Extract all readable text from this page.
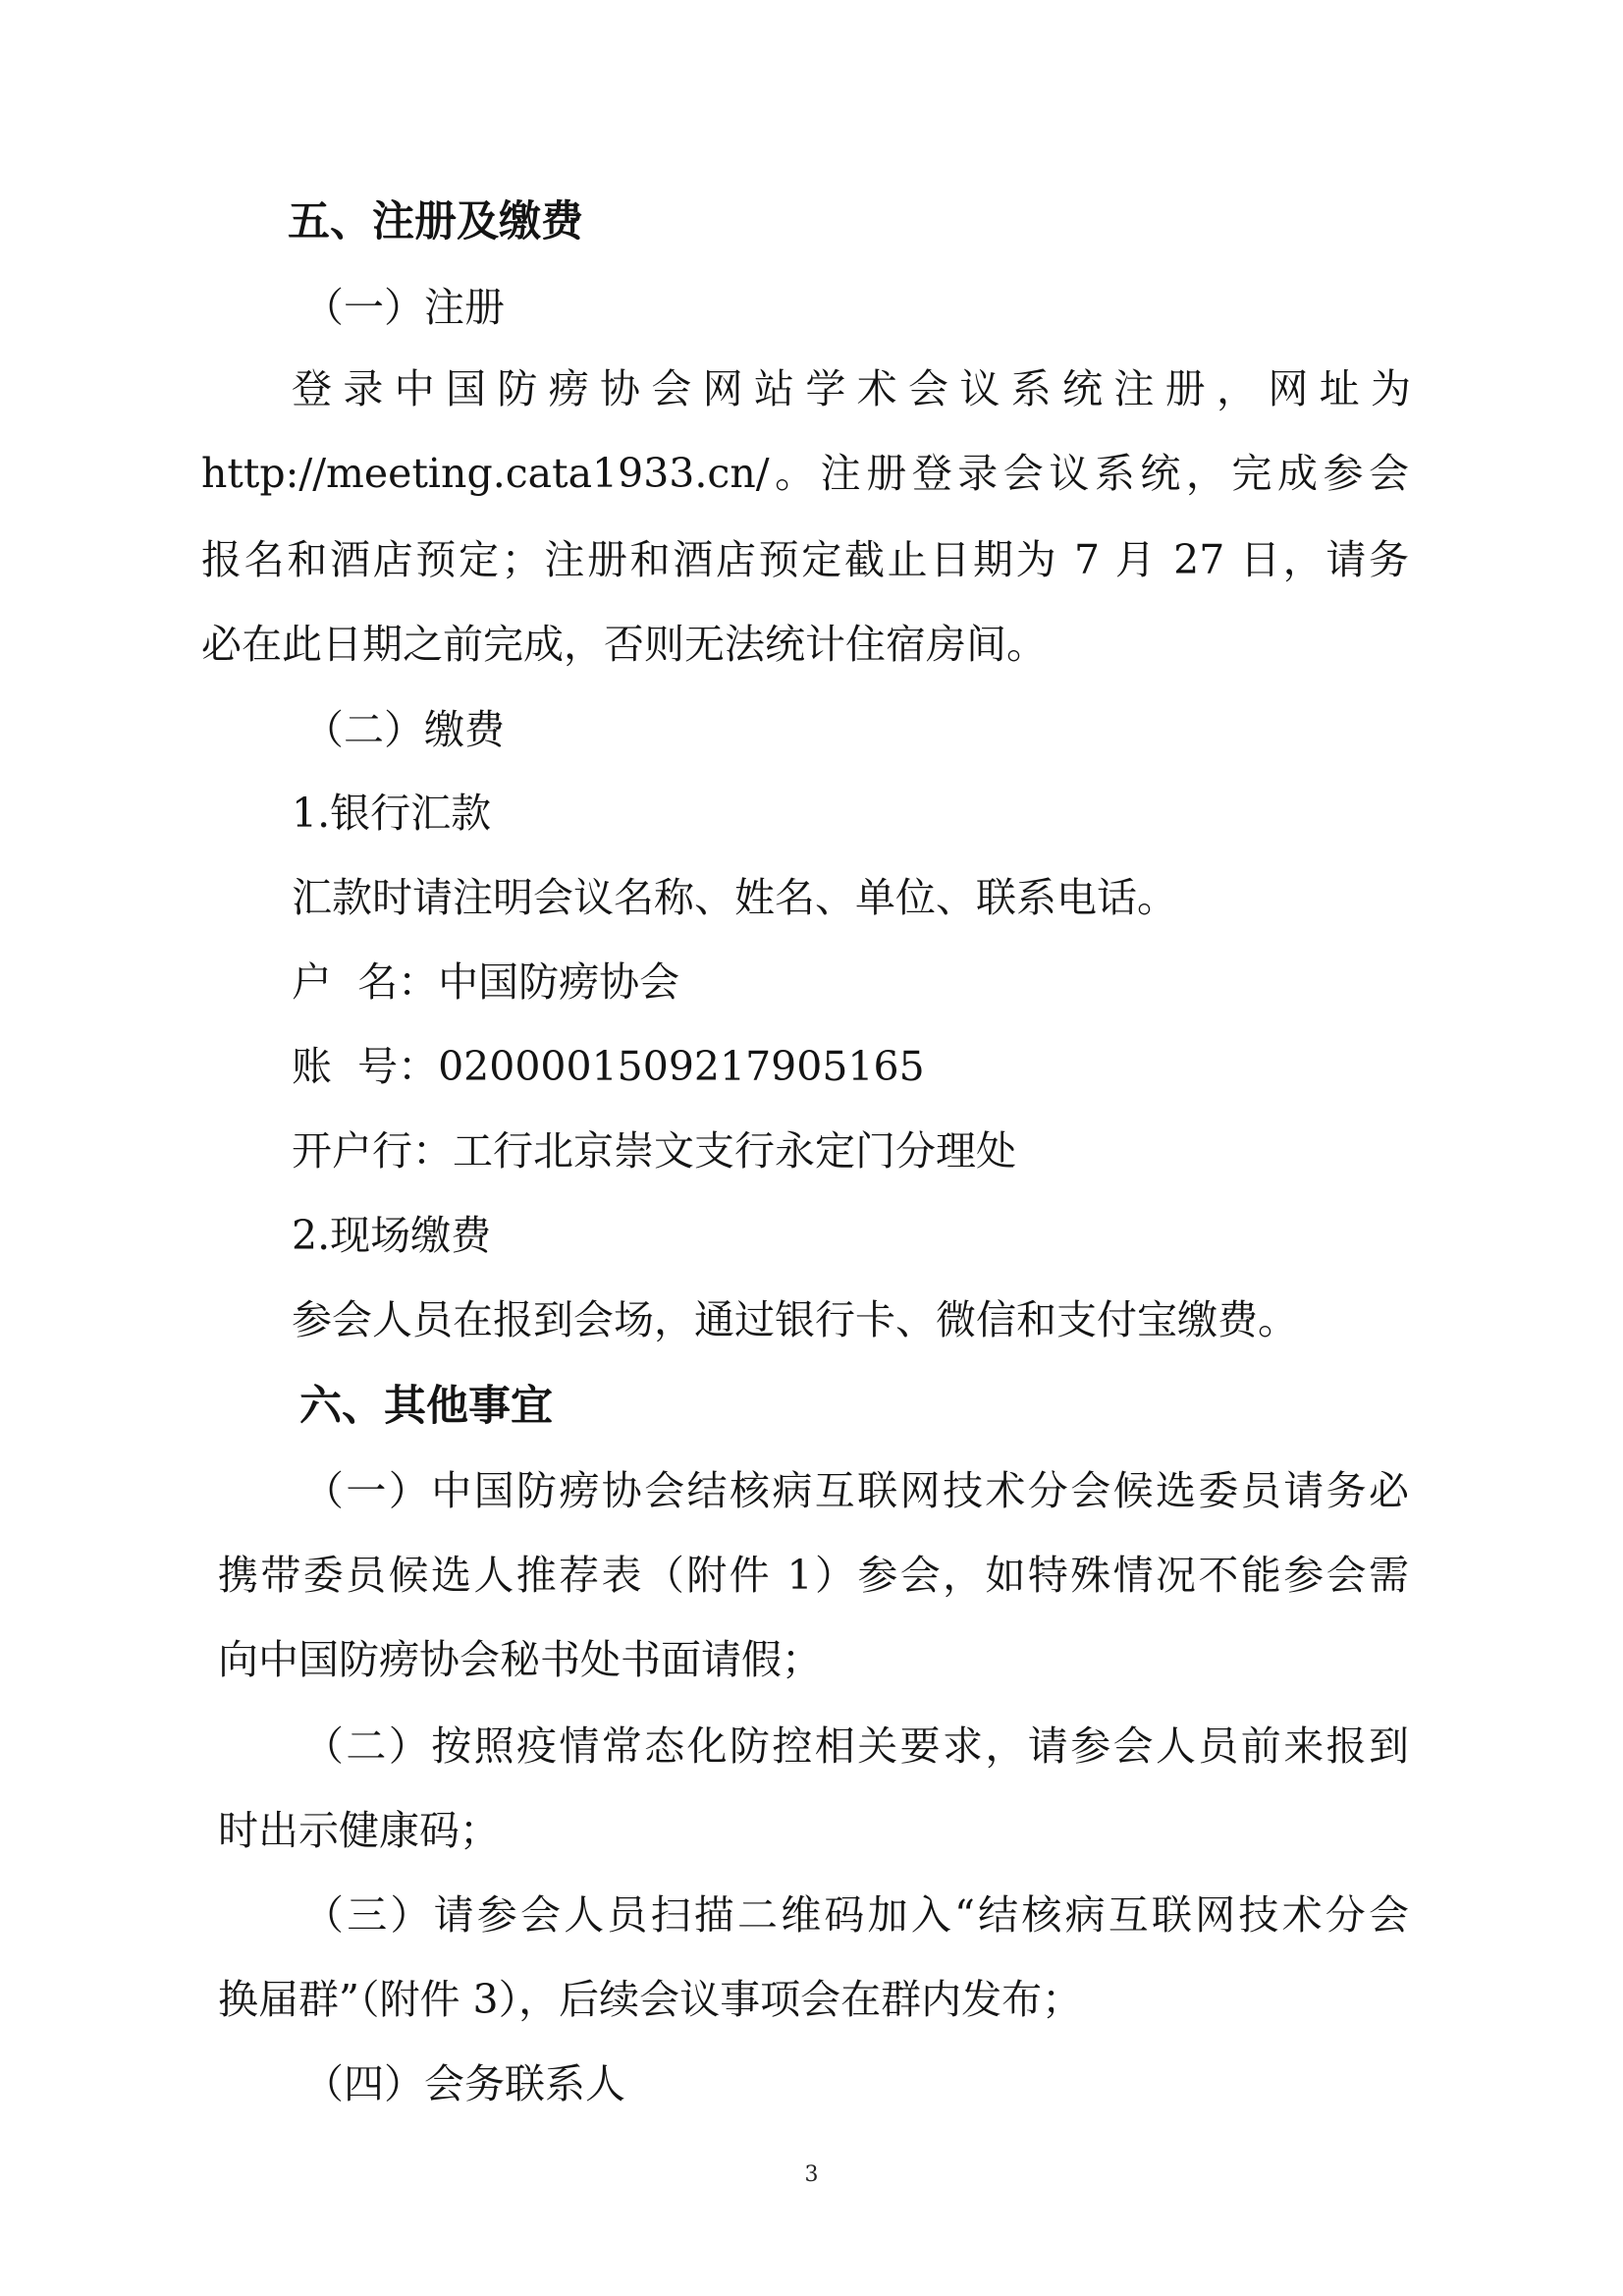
五、注册及缴费
（一）注册
登录中国防痨协会网站学术会议系统注册，网址为
http://meeting.cata1933.cn/。注册登录会议系统，完成参会
报名和酒店预定；注册和酒店预定截止日期为 7 月 27 日，请务
必在此日期之前完成，否则无法统计住宿房间。
（二）缴费
1.银行汇款
汇款时请注明会议名称、姓名、单位、联系电话。
户  名：中国防痨协会
账  号：0200001509217905165
开户行：工行北京崇文支行永定门分理处
2.现场缴费
参会人员在报到会场，通过银行卡、微信和支付宝缴费。
六、其他事宜
（一）中国防痨协会结核病互联网技术分会候选委员请务必
携带委员候选人推荐表（附件 1）参会，如特殊情况不能参会需
向中国防痨协会秘书处书面请假；
（二）按照疫情常态化防控相关要求，请参会人员前来报到
时出示健康码；
（三）请参会人员扫描二维码加入“结核病互联网技术分会
换届群”（附件 3），后续会议事项会在群内发布；
（四）会务联系人
3
